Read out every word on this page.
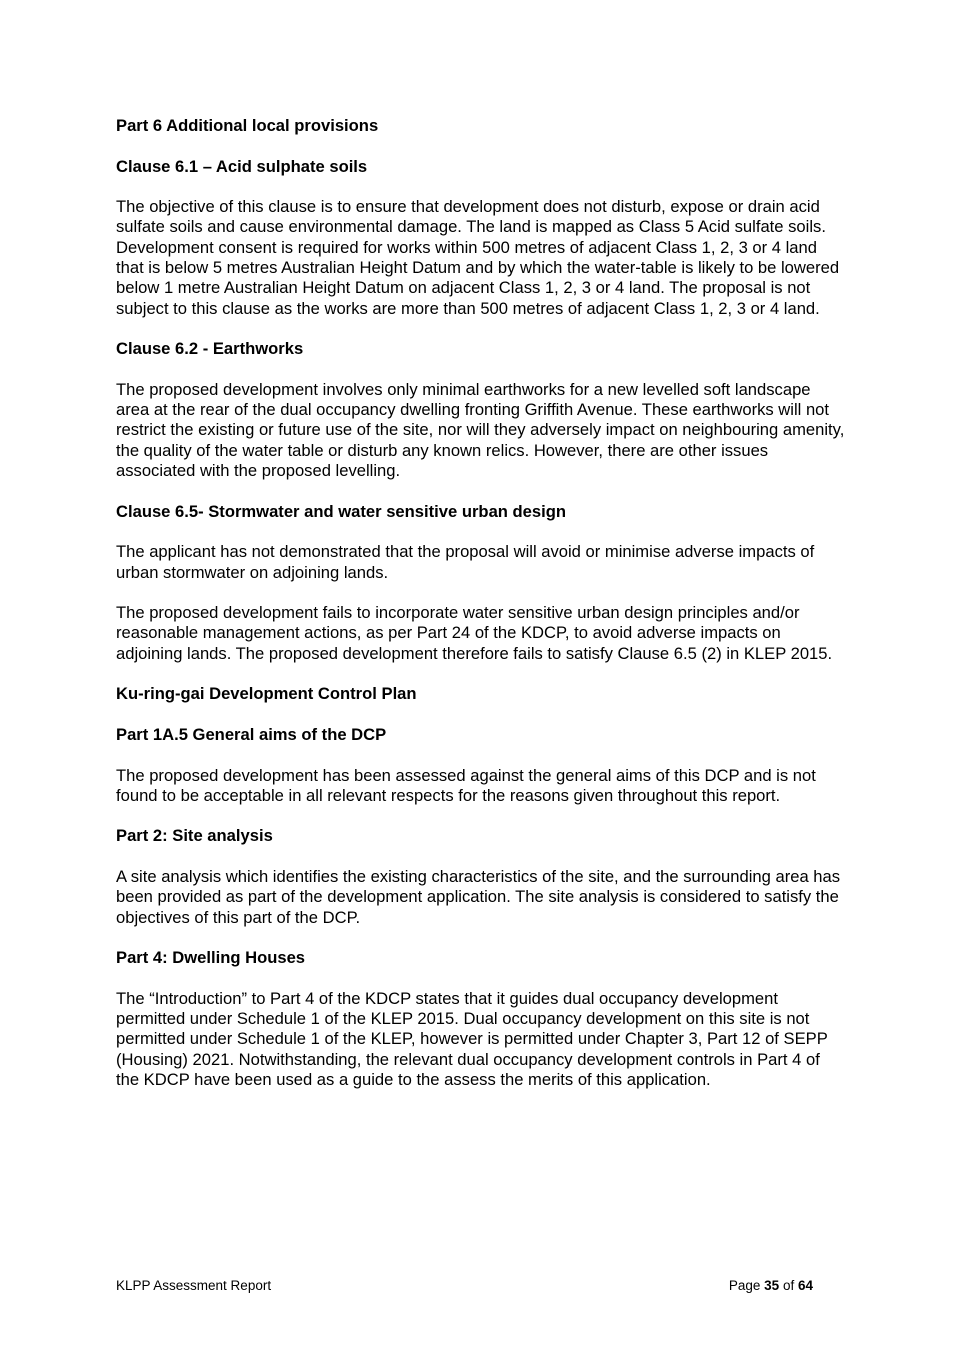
Part 6 Additional local provisions
Clause 6.1 – Acid sulphate soils
The objective of this clause is to ensure that development does not disturb, expose or drain acid sulfate soils and cause environmental damage. The land is mapped as Class 5 Acid sulfate soils. Development consent is required for works within 500 metres of adjacent Class 1, 2, 3 or 4 land that is below 5 metres Australian Height Datum and by which the water-table is likely to be lowered below 1 metre Australian Height Datum on adjacent Class 1, 2, 3 or 4 land. The proposal is not subject to this clause as the works are more than 500 metres of adjacent Class 1, 2, 3 or 4 land.
Clause 6.2 - Earthworks
The proposed development involves only minimal earthworks for a new levelled soft landscape area at the rear of the dual occupancy dwelling fronting Griffith Avenue. These earthworks will not restrict the existing or future use of the site, nor will they adversely impact on neighbouring amenity, the quality of the water table or disturb any known relics. However, there are other issues associated with the proposed levelling.
Clause 6.5- Stormwater and water sensitive urban design
The applicant has not demonstrated that the proposal will avoid or minimise adverse impacts of urban stormwater on adjoining lands.
The proposed development fails to incorporate water sensitive urban design principles and/or reasonable management actions, as per Part 24 of the KDCP, to avoid adverse impacts on adjoining lands. The proposed development therefore fails to satisfy Clause 6.5 (2) in KLEP 2015.
Ku-ring-gai Development Control Plan
Part 1A.5 General aims of the DCP
The proposed development has been assessed against the general aims of this DCP and is not found to be acceptable in all relevant respects for the reasons given throughout this report.
Part 2: Site analysis
A site analysis which identifies the existing characteristics of the site, and the surrounding area has been provided as part of the development application. The site analysis is considered to satisfy the objectives of this part of the DCP.
Part 4: Dwelling Houses
The “Introduction” to Part 4 of the KDCP states that it guides dual occupancy development permitted under Schedule 1 of the KLEP 2015. Dual occupancy development on this site is not permitted under Schedule 1 of the KLEP, however is permitted under Chapter 3, Part 12 of SEPP (Housing) 2021. Notwithstanding, the relevant dual occupancy development controls in Part 4 of the KDCP have been used as a guide to the assess the merits of this application.
KLPP Assessment Report	Page 35 of 64
